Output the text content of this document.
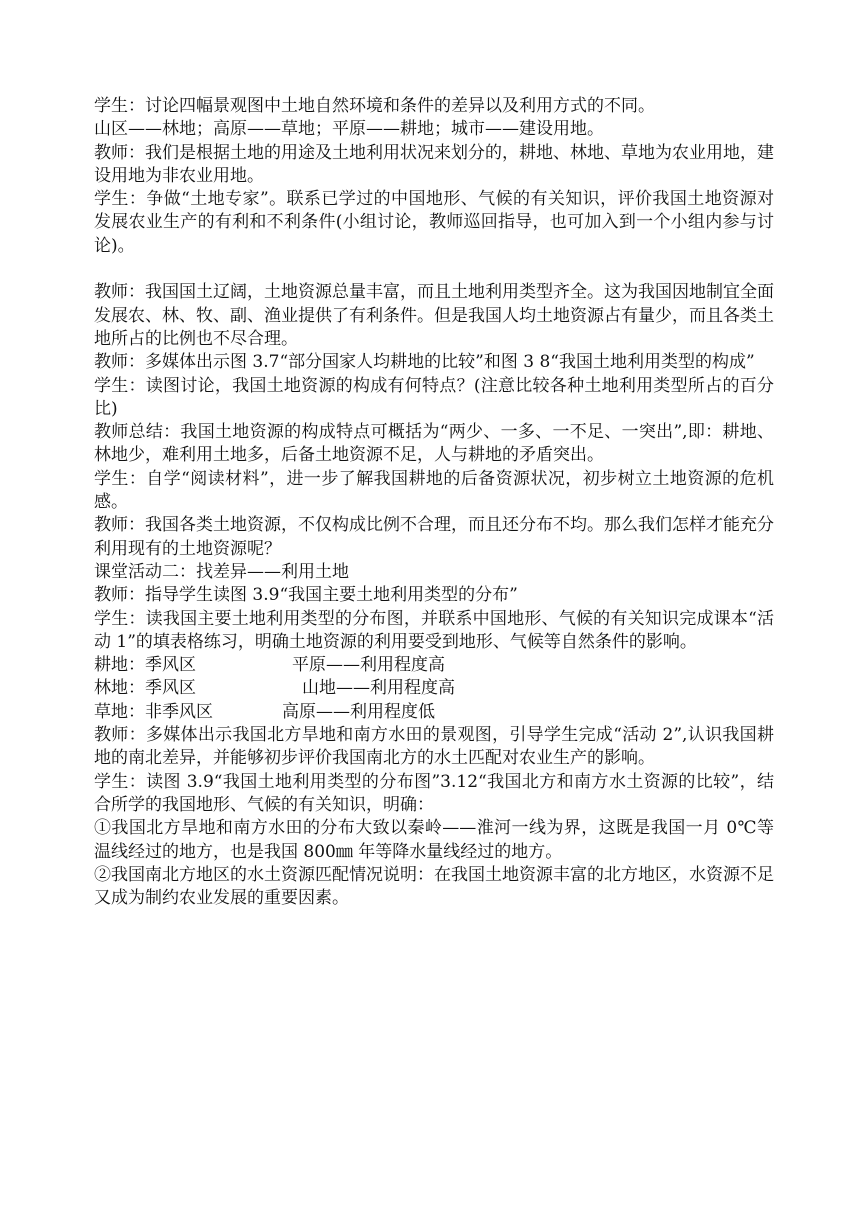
学生：讨论四幅景观图中土地自然环境和条件的差异以及利用方式的不同。

山区——林地；高原——草地；平原——耕地；城市——建设用地。

教师：我们是根据土地的用途及土地利用状况来划分的，耕地、林地、草地为农业用地，建设用地为非农业用地。

学生：争做“土地专家”。联系已学过的中国地形、气候的有关知识，评价我国土地资源对发展农业生产的有利和不利条件(小组讨论，教师巡回指导，也可加入到一个小组内参与讨论)。

教师：我国国土辽阔，土地资源总量丰富，而且土地利用类型齐全。这为我国因地制宜全面发展农、林、牧、副、渔业提供了有利条件。但是我国人均土地资源占有量少，而且各类土地所占的比例也不尽合理。

教师：多媒体出示图 3.7“部分国家人均耕地的比较”和图 3 8“我国土地利用类型的构成”

学生：读图讨论，我国土地资源的构成有何特点？(注意比较各种土地利用类型所占的百分比)

教师总结：我国土地资源的构成特点可概括为“两少、一多、一不足、一突出”,即：耕地、林地少，难利用土地多，后备土地资源不足，人与耕地的矛盾突出。

学生：自学“阅读材料”，进一步了解我国耕地的后备资源状况，初步树立土地资源的危机感。

教师：我国各类土地资源，不仅构成比例不合理，而且还分布不均。那么我们怎样才能充分利用现有的土地资源呢？

课堂活动二：找差异——利用土地

教师：指导学生读图 3.9“我国主要土地利用类型的分布”

学生：读我国主要土地利用类型的分布图，并联系中国地形、气候的有关知识完成课本“活动 1”的填表格练习，明确土地资源的利用要受到地形、气候等自然条件的影响。

耕地：季风区	平原——利用程度高
林地：季风区	山地——利用程度高
草地：非季风区	高原——利用程度低

教师：多媒体出示我国北方旱地和南方水田的景观图，引导学生完成“活动 2”,认识我国耕地的南北差异，并能够初步评价我国南北方的水土匹配对农业生产的影响。

学生：读图 3.9“我国土地利用类型的分布图”3.12“我国北方和南方水土资源的比较”，结合所学的我国地形、气候的有关知识，明确：

①我国北方旱地和南方水田的分布大致以秦岭——淮河一线为界，这既是我国一月 0℃等温线经过的地方，也是我国 800㎜ 年等降水量线经过的地方。

②我国南北方地区的水土资源匹配情况说明：在我国土地资源丰富的北方地区，水资源不足又成为制约农业发展的重要因素。
